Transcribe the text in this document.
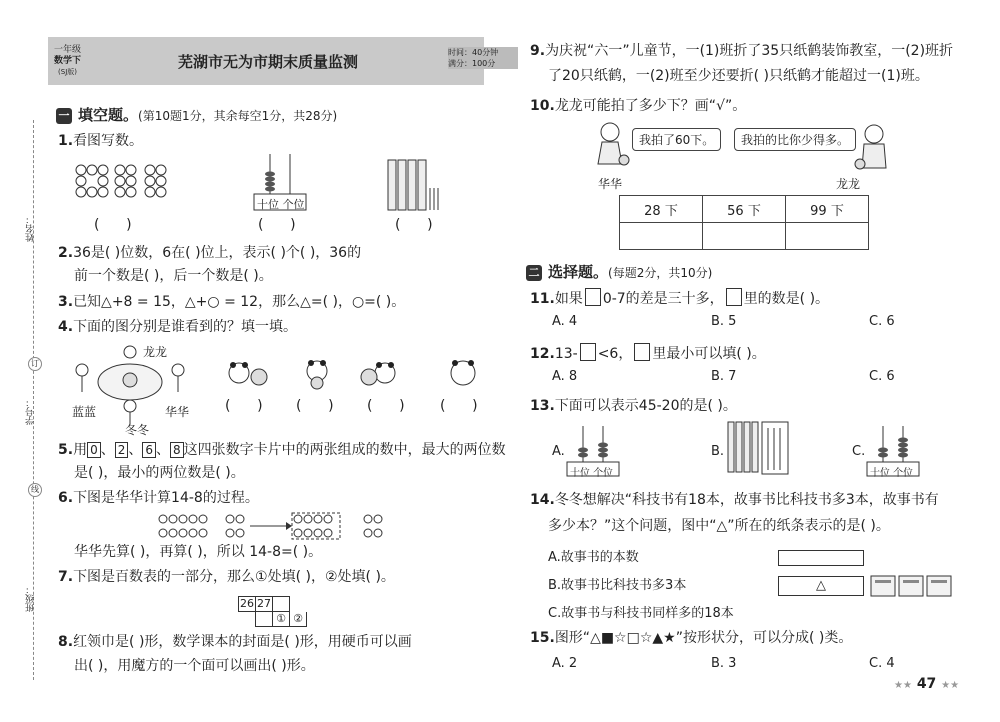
一年级
数学下
(SJ版)
芜湖市无为市期末质量监测
时间：40分钟
满分：100分
姓名：
订
学号：
线
班级：
一 填空题。(第10题1分，其余每空1分，共28分)
1.看图写数。
十位 个位
(      )	(      )	(      )
2.36是( )位数，6在( )位上，表示( )个( )，36的
前一个数是( )，后一个数是( )。
3.已知△+8 = 15，△+○ = 12，那么△=( )，○=( )。
4.下面的图分别是谁看到的？填一填。
龙龙
蓝蓝	华华
冬冬
(      ) (      ) (      )	(      )
5.用 0 、 2 、 6 、 8 这四张数字卡片中的两张组成的数中，最大的两位数
是( )，最小的两位数是( )。
6.下图是华华计算14-8的过程。
华华先算( )，再算( )，所以 14-8=( )。
7.下图是百数表的一部分，那么①处填( )，②处填( )。
26 27
① ②
8.红领巾是( )形，数学课本的封面是( )形，用硬币可以画
出( )，用魔方的一个面可以画出( )形。
9.为庆祝“六一”儿童节，一(1)班折了35只纸鹤装饰教室，一(2)班折
了20只纸鹤，一(2)班至少还要折( )只纸鹤才能超过一(1)班。
10.龙龙可能拍了多少下？画“√”。
我拍了60下。	我拍的比你少得多。
华华	龙龙
28 下	56 下	99 下

二 选择题。(每题2分，共10分)
11.如果 0-7的差是三十多， 里的数是( )。
A. 4	B. 5	C. 6
12.13- <6， 里最小可以填( )。
A. 8	B. 7	C. 6
13.下面可以表示45-20的是( )。
A.
十位 个位
B.	C.
十位 个位
14.冬冬想解决“科技书有18本，故事书比科技书多3本，故事书有
多少本？”这个问题，图中“△”所在的纸条表示的是( )。
A.故事书的本数
B.故事书比科技书多3本
C.故事书与科技书同样多的18本
△
15.图形“△■☆□☆▲★”按形状分，可以分成( )类。
A. 2	B. 3	C. 4
★★ 47 ★★
